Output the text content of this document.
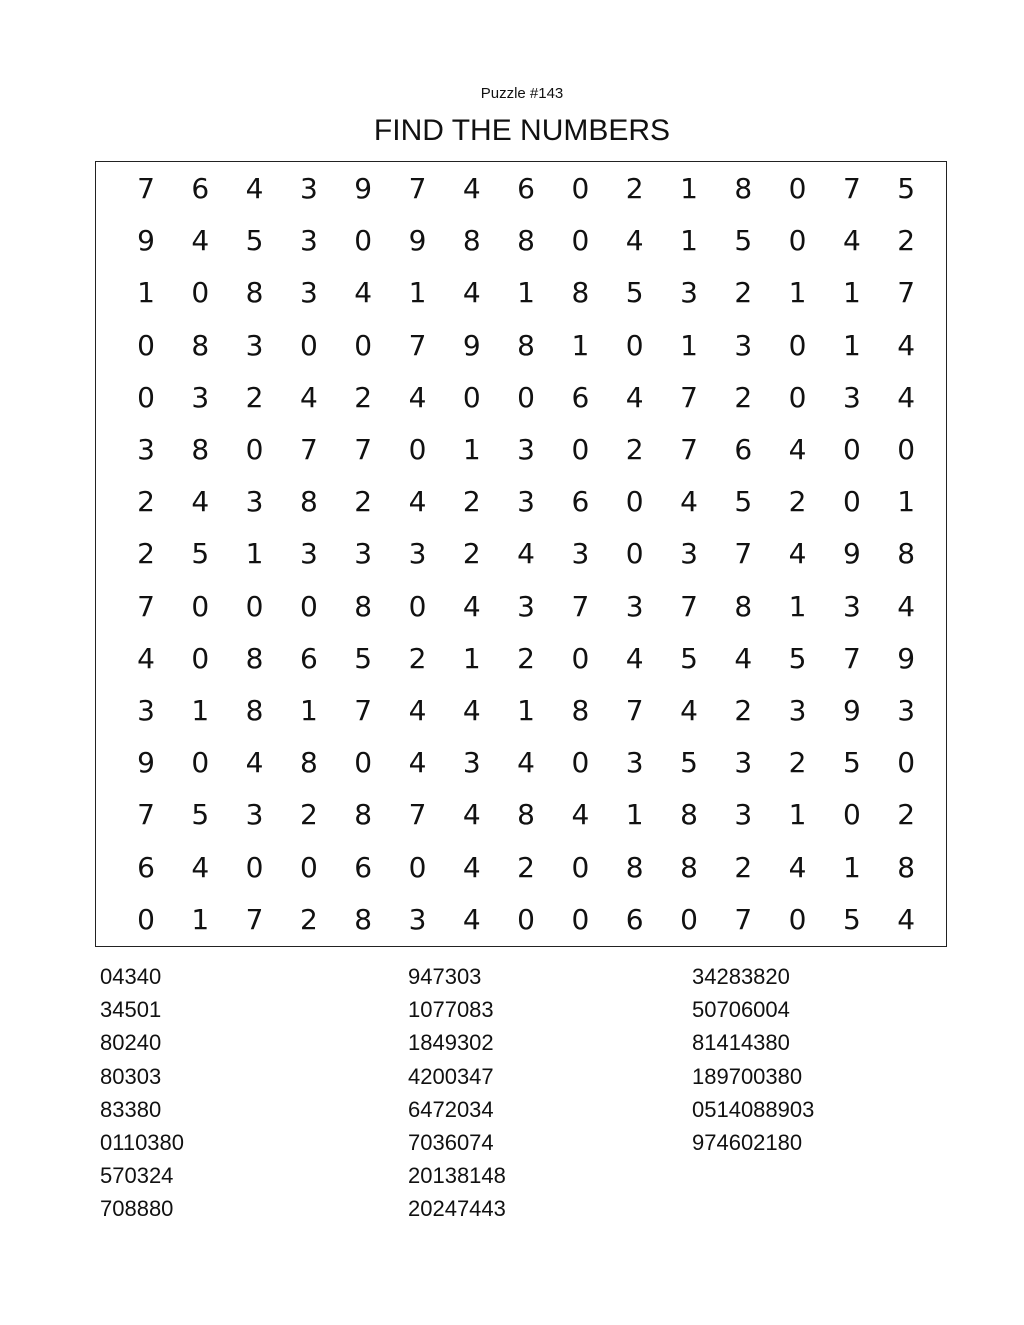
Puzzle #143
FIND THE NUMBERS
7	6	4	3	9	7	4	6	0	2	1	8	0	7	5
9	4	5	3	0	9	8	8	0	4	1	5	0	4	2
1	0	8	3	4	1	4	1	8	5	3	2	1	1	7
0	8	3	0	0	7	9	8	1	0	1	3	0	1	4
0	3	2	4	2	4	0	0	6	4	7	2	0	3	4
3	8	0	7	7	0	1	3	0	2	7	6	4	0	0
2	4	3	8	2	4	2	3	6	0	4	5	2	0	1
2	5	1	3	3	3	2	4	3	0	3	7	4	9	8
7	0	0	0	8	0	4	3	7	3	7	8	1	3	4
4	0	8	6	5	2	1	2	0	4	5	4	5	7	9
3	1	8	1	7	4	4	1	8	7	4	2	3	9	3
9	0	4	8	0	4	3	4	0	3	5	3	2	5	0
7	5	3	2	8	7	4	8	4	1	8	3	1	0	2
6	4	0	0	6	0	4	2	0	8	8	2	4	1	8
0	1	7	2	8	3	4	0	0	6	0	7	0	5	4
04340
34501
80240
80303
83380
0110380
570324
708880
947303
1077083
1849302
4200347
6472034
7036074
20138148
20247443
34283820
50706004
81414380
189700380
0514088903
974602180
